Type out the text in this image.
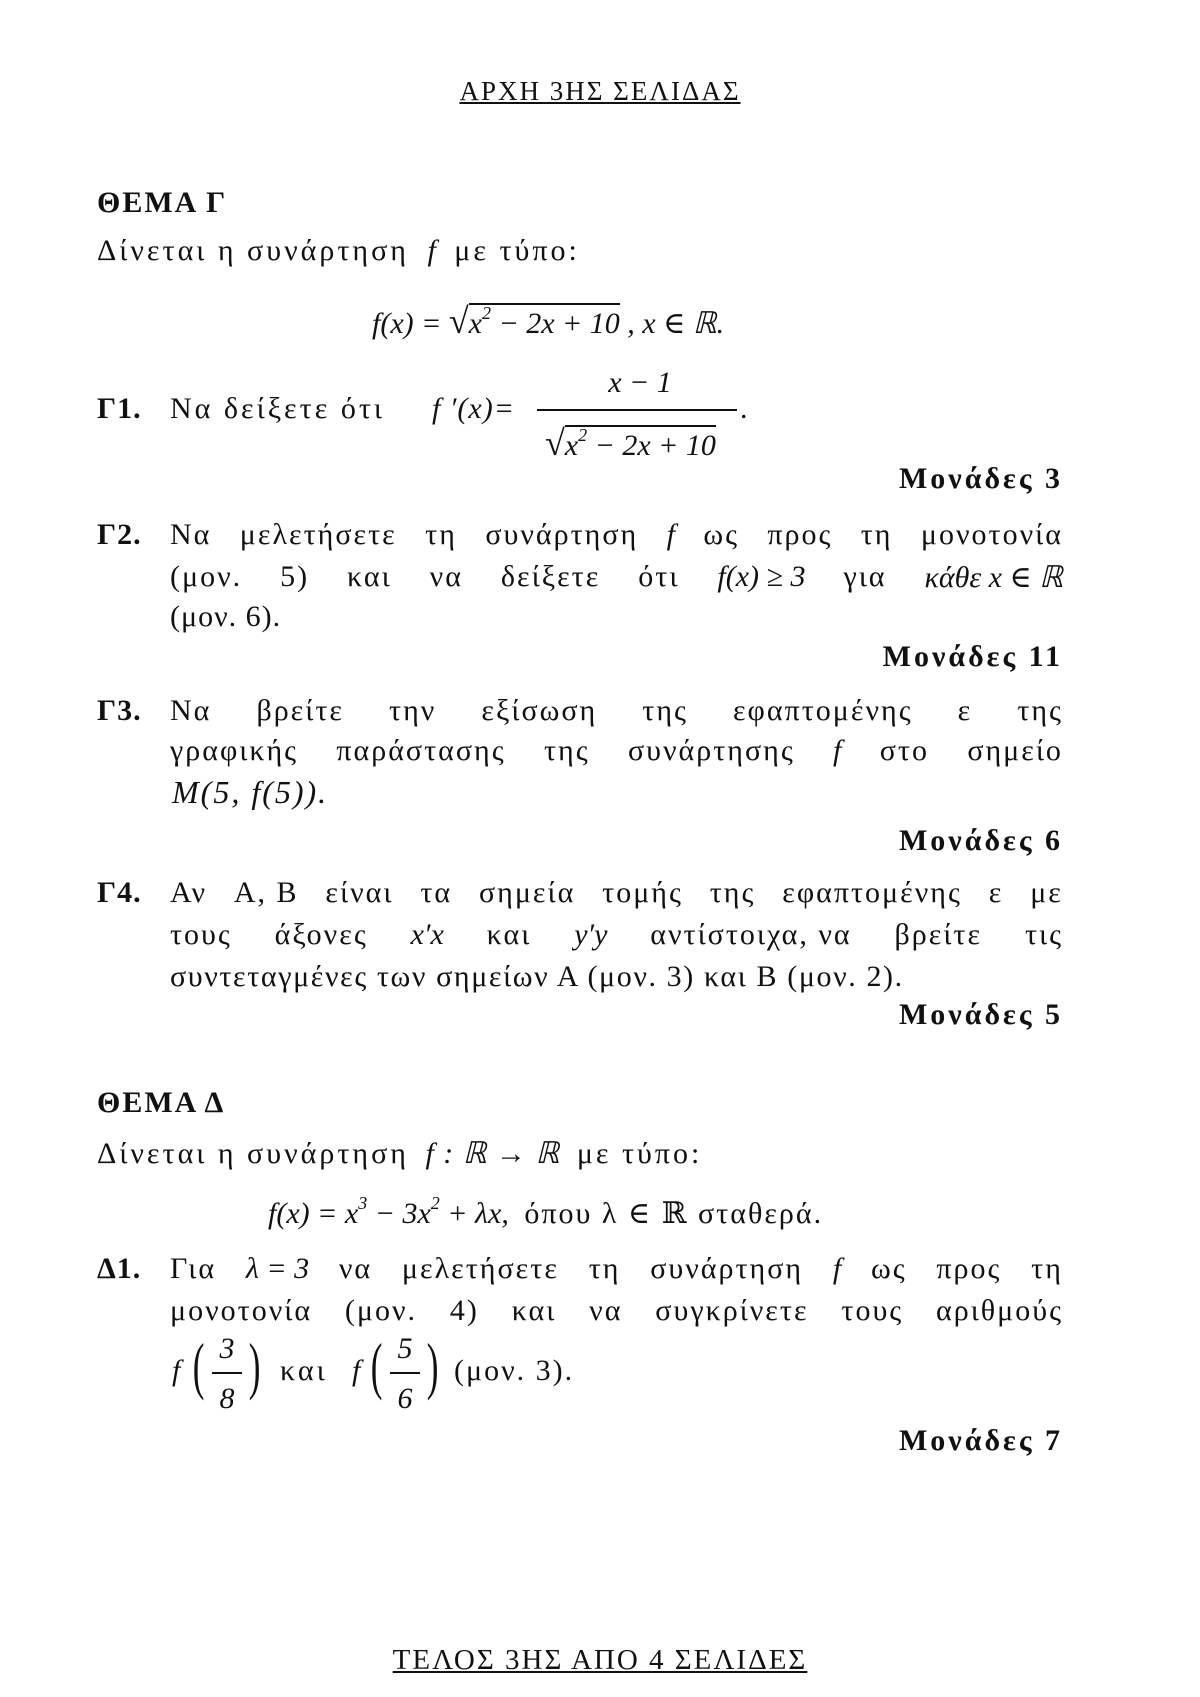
ΑΡΧΗ 3ΗΣ ΣΕΛΙΔΑΣ
ΘΕΜΑ Γ
Δίνεται η συνάρτηση f με τύπο:
$f(x) = √x^2 - 2x + 10$ , x ∈ ℝ.
Γ1. Να δείξετε ότι f ′(x)=
x − 1
$√x^2 - 2x + 10$
.
Μονάδες 3
Γ2. Να μελετήσετε τη συνάρτηση f ως προς τη μονοτονία
(μον. 5) και να δείξετε ότι f(x) ≥ 3 για κάθε x ∈ ℝ
(μον. 6).
Μονάδες 11
Γ3. Να βρείτε την εξίσωση της εφαπτομένης ε της
γραφικής παράστασης της συνάρτησης f στο σημείο
M(5, f(5)).
Μονάδες 6
Γ4. Αν Α, Β είναι τα σημεία τομής της εφαπτομένης ε με
τους άξονες x′x και y′y αντίστοιχα, να βρείτε τις
συντεταγμένες των σημείων Α (μον. 3) και Β (μον. 2).
Μονάδες 5
ΘΕΜΑ Δ
Δίνεται η συνάρτηση f : ℝ → ℝ με τύπο:
$f(x) = x^3 - 3x^2 + \lambda x$, όπου λ ∈ ℝ σταθερά.
Δ1. Για λ = 3 να μελετήσετε τη συνάρτηση f ως προς τη
μονοτονία (μον. 4) και να συγκρίνετε τους αριθμούς
f ( 3
8 ) και f ( 5
6 ) (μον. 3).
Μονάδες 7
ΤΕΛΟΣ 3ΗΣ ΑΠΟ 4 ΣΕΛΙΔΕΣ
